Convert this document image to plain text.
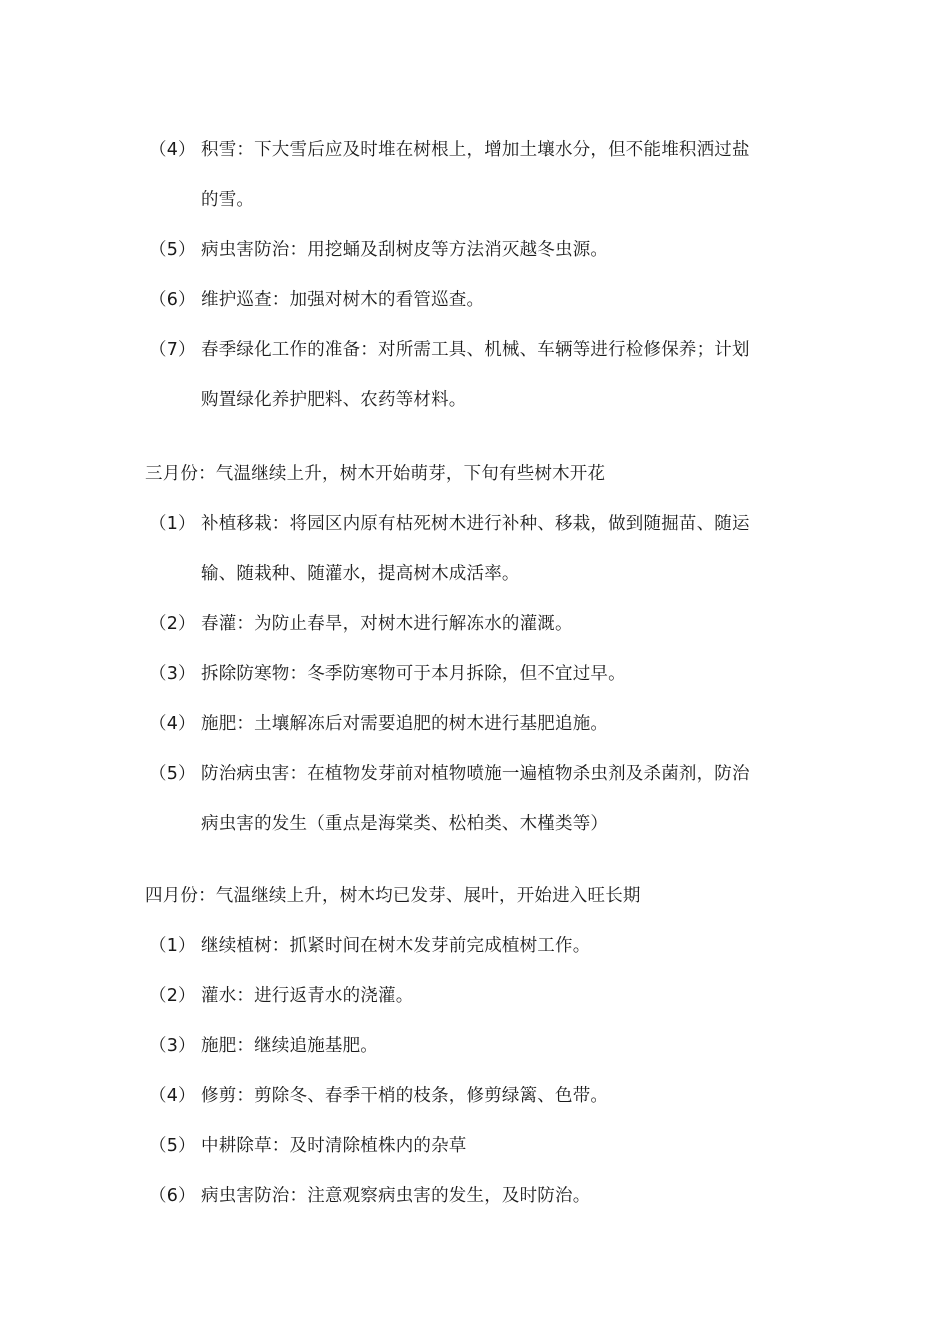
（4） 积雪：下大雪后应及时堆在树根上，增加土壤水分，但不能堆积洒过盐
的雪。
（5） 病虫害防治：用挖蛹及刮树皮等方法消灭越冬虫源。
（6） 维护巡查：加强对树木的看管巡查。
（7） 春季绿化工作的准备：对所需工具、机械、车辆等进行检修保养；计划
购置绿化养护肥料、农药等材料。
三月份：气温继续上升，树木开始萌芽，下旬有些树木开花
（1） 补植移栽：将园区内原有枯死树木进行补种、移栽，做到随掘苗、随运
输、随栽种、随灌水，提高树木成活率。
（2） 春灌：为防止春旱，对树木进行解冻水的灌溉。
（3） 拆除防寒物：冬季防寒物可于本月拆除，但不宜过早。
（4） 施肥：土壤解冻后对需要追肥的树木进行基肥追施。
（5） 防治病虫害：在植物发芽前对植物喷施一遍植物杀虫剂及杀菌剂，防治
病虫害的发生（重点是海棠类、松柏类、木槿类等）
四月份：气温继续上升，树木均已发芽、展叶，开始进入旺长期
（1） 继续植树：抓紧时间在树木发芽前完成植树工作。
（2） 灌水：进行返青水的浇灌。
（3） 施肥：继续追施基肥。
（4） 修剪：剪除冬、春季干梢的枝条，修剪绿篱、色带。
（5） 中耕除草：及时清除植株内的杂草
（6） 病虫害防治：注意观察病虫害的发生，及时防治。
